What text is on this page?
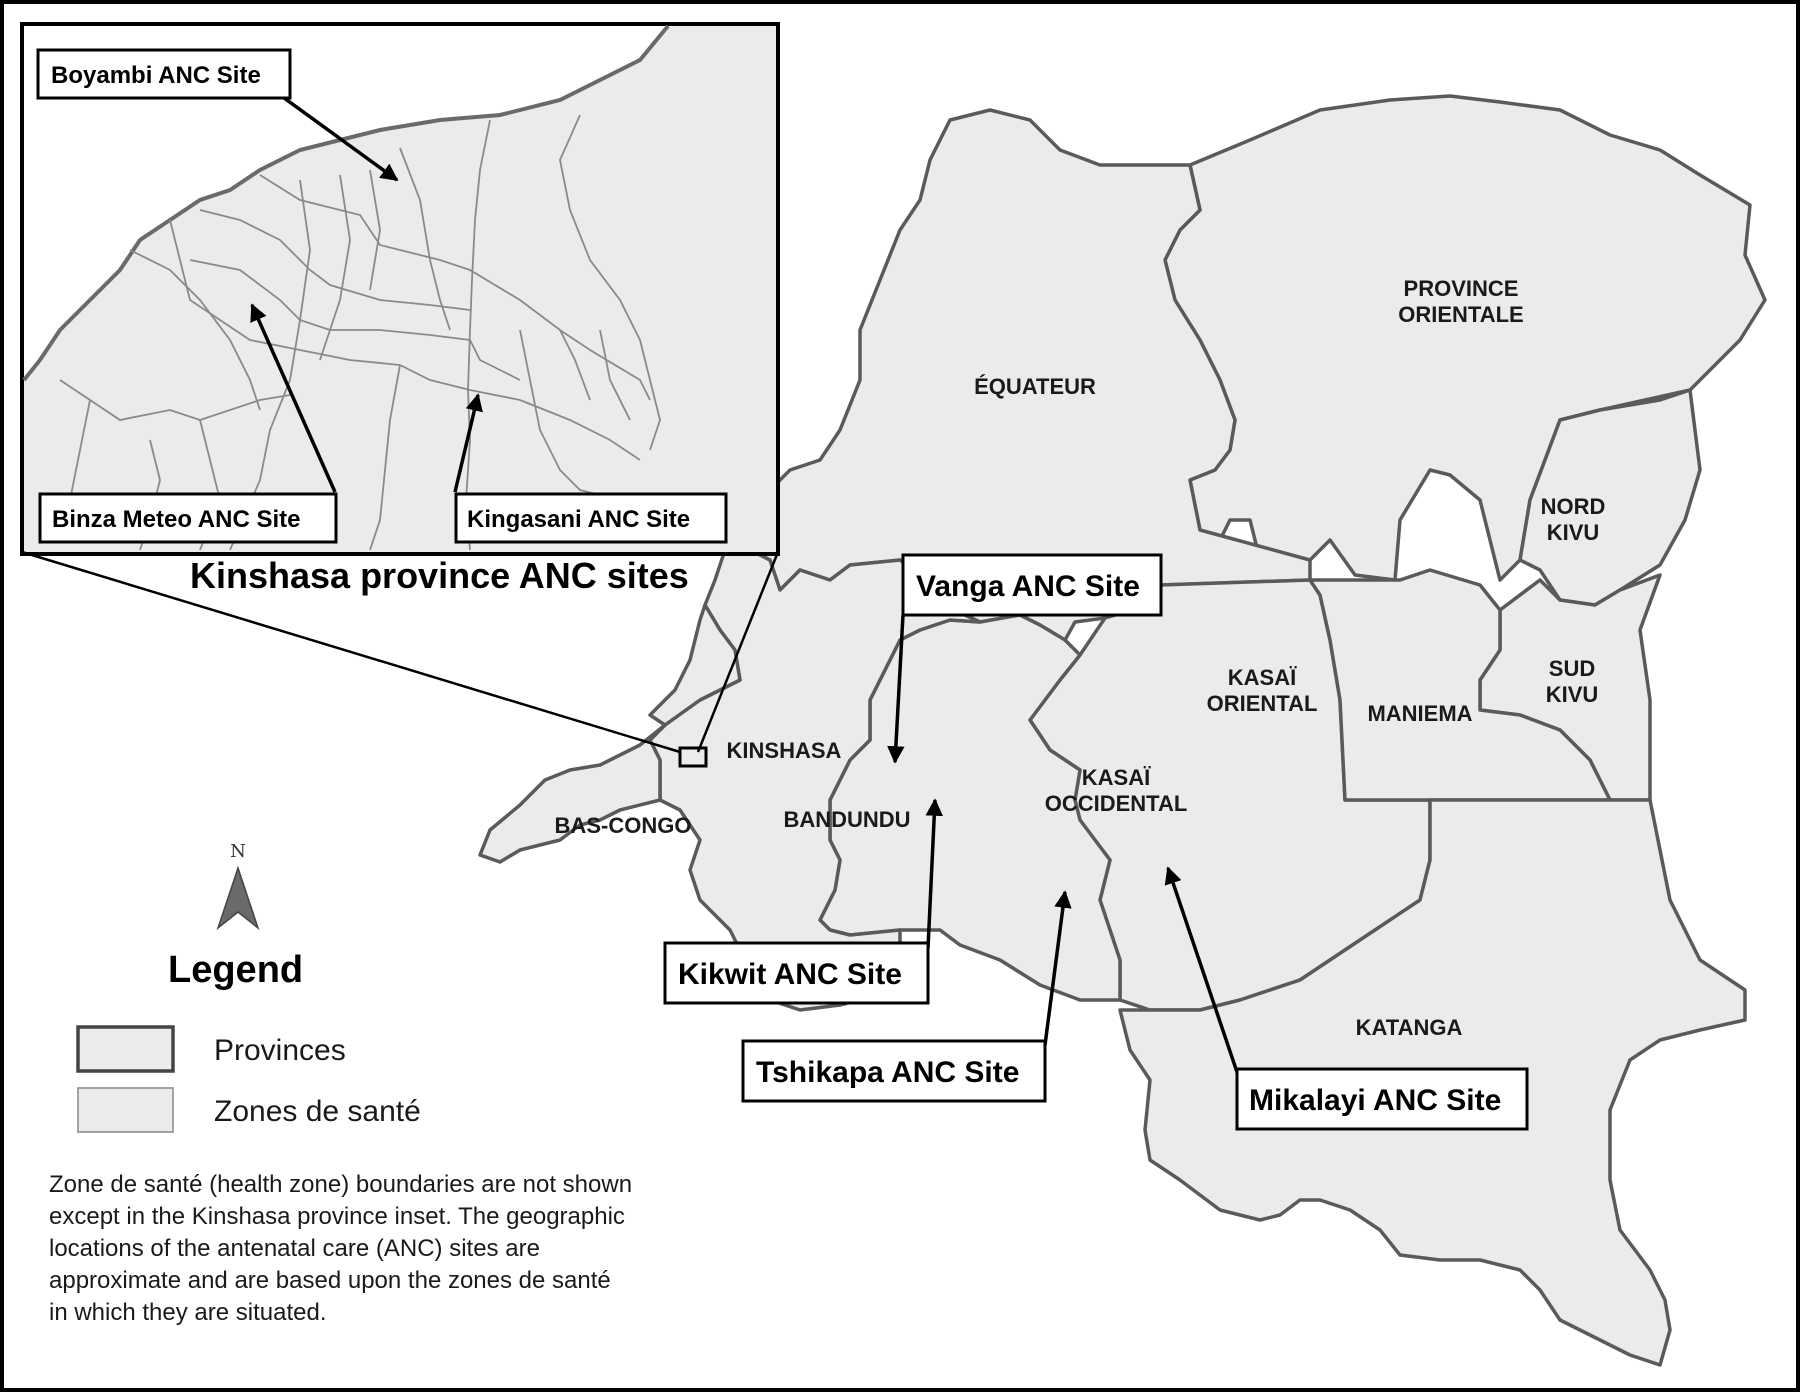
Boyambi ANC Site
Binza Meteo ANC Site	Kingasani ANC Site
Kinshasa province ANC sites
PROVINCE
ORIENTALE
ÉQUATEUR
NORD
KIVU
SUD
KIVU
KASAÏ
ORIENTAL MANIEMA
KASAÏ
OCCIDENTAL
KINSHASA
BANDUNDU
BAS-CONGO
KATANGA
Vanga ANC Site
Kikwit ANC Site
Tshikapa ANC Site
Mikalayi ANC Site
N
Legend
Provinces
Zones de santé
Zone de santé (health zone) boundaries are not shown
except in the Kinshasa province inset. The geographic
locations of the antenatal care (ANC) sites are
approximate and are based upon the zones de santé
in which they are situated.
